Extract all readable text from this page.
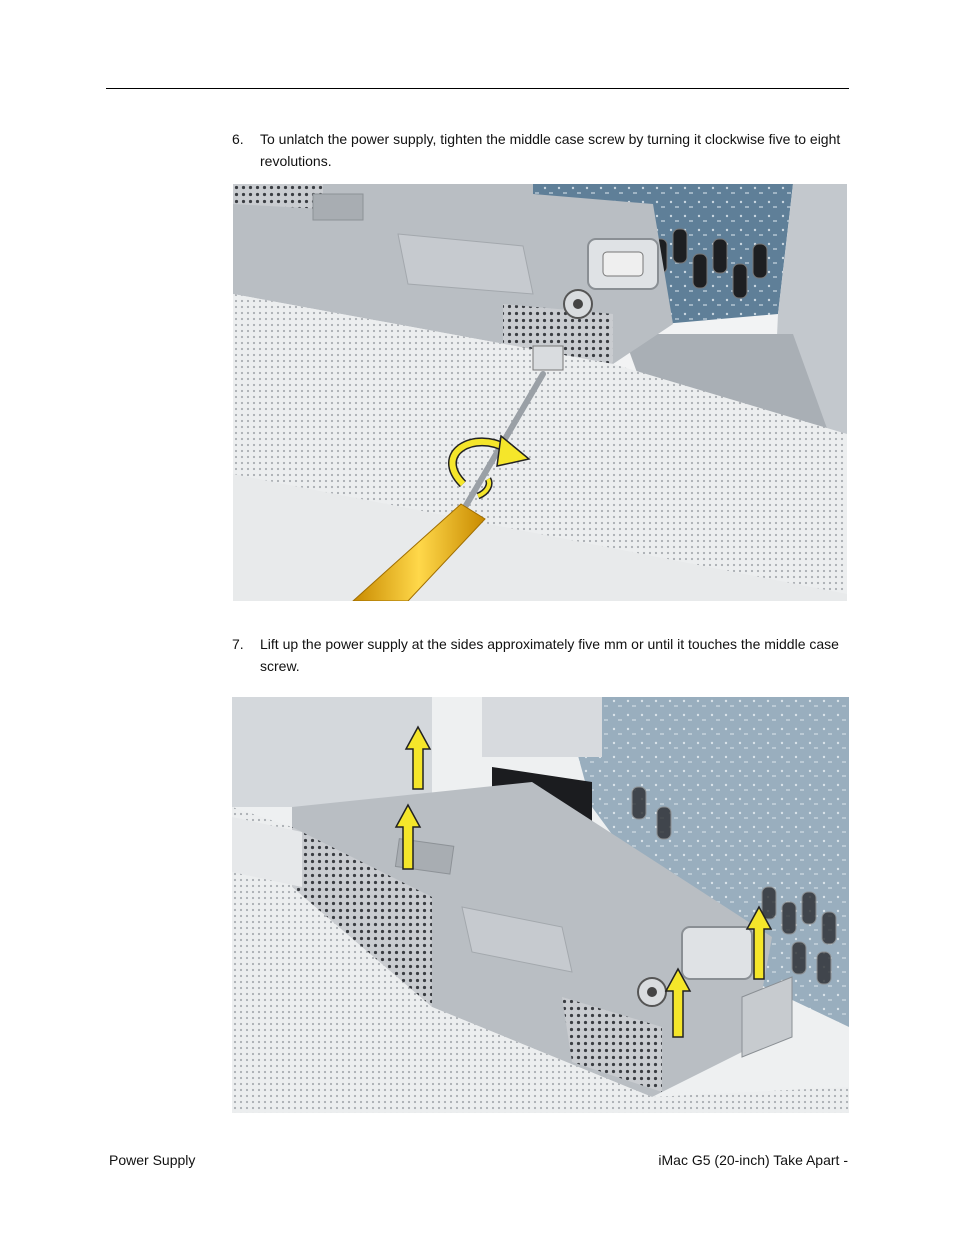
6. To unlatch the power supply, tighten the middle case screw by turning it clockwise five to eight revolutions.
7. Lift up the power supply at the sides approximately five mm or until it touches the middle case screw.
Power Supply	iMac G5 (20-inch) Take Apart -
